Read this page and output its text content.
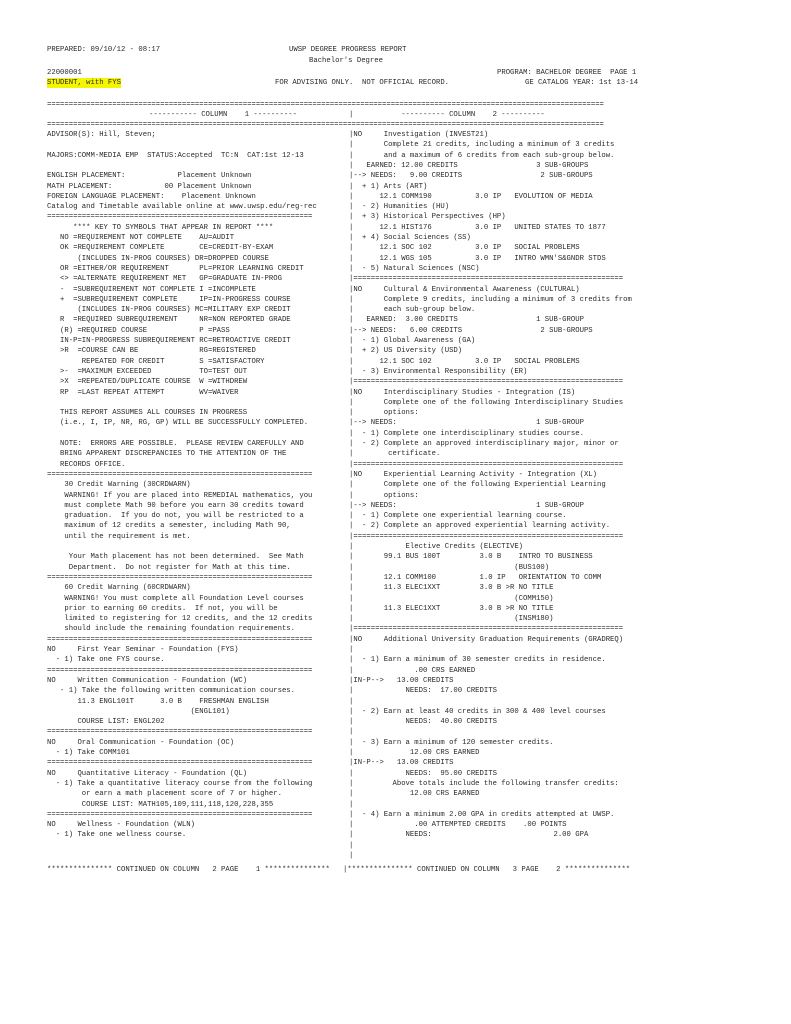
PREPARED: 09/10/12 - 08:17	UWSP DEGREE PROGRESS REPORT
Bachelor's Degree
22000001	PROGRAM: BACHELOR DEGREE  PAGE 1
STUDENT, with FYS	FOR ADVISING ONLY.  NOT OFFICIAL RECORD.	GE CATALOG YEAR: 1st 13-14
================================================================================================================================
----------- COLUMN    1 ----------	|           ---------- COLUMN    2 ----------
================================================================================================================================
ADVISOR(S): Hill, Steven;
MAJORS:COMM-MEDIA EMP  STATUS:Accepted  TC:N  CAT:1st 12-13
ENGLISH PLACEMENT:            Placement Unknown
MATH PLACEMENT:            00 Placement Unknown
FOREIGN LANGUAGE PLACEMENT:    Placement Unknown
Catalog and Timetable available online at www.uwsp.edu/reg-rec
=============================================================
**** KEY TO SYMBOLS THAT APPEAR IN REPORT ****
NO =REQUIREMENT NOT COMPLETE    AU=AUDIT
OK =REQUIREMENT COMPLETE        CE=CREDIT-BY-EXAM
(INCLUDES IN-PROG COURSES) DR=DROPPED COURSE
OR =EITHER/OR REQUIREMENT       PL=PRIOR LEARNING CREDIT
<> =ALTERNATE REQUIREMENT MET   GP=GRADUATE IN-PROG
-  =SUBREQUIREMENT NOT COMPLETE I =INCOMPLETE
+  =SUBREQUIREMENT COMPLETE     IP=IN-PROGRESS COURSE
(INCLUDES IN-PROG COURSES) MC=MILITARY EXP CREDIT
R  =REQUIRED SUBREQUIREMENT     NR=NON REPORTED GRADE
(R) =REQUIRED COURSE            P =PASS
IN-P=IN-PROGRESS SUBREQUIREMENT RC=RETROACTIVE CREDIT
>R  =COURSE CAN BE              RG=REGISTERED
REPEATED FOR CREDIT        S =SATISFACTORY
>-  =MAXIMUM EXCEEDED           TO=TEST OUT
>X  =REPEATED/DUPLICATE COURSE  W =WITHDREW
RP  =LAST REPEAT ATTEMPT        WV=WAIVER
THIS REPORT ASSUMES ALL COURSES IN PROGRESS
(i.e., I, IP, NR, RG, GP) WILL BE SUCCESSFULLY COMPLETED.
NOTE:  ERRORS ARE POSSIBLE.  PLEASE REVIEW CAREFULLY AND
BRING APPARENT DISCREPANCIES TO THE ATTENTION OF THE
RECORDS OFFICE.
=============================================================
30 Credit Warning (30CRDWARN)
WARNING! If you are placed into REMEDIAL mathematics, you
must complete Math 90 before you earn 30 credits toward
graduation.  If you do not, you will be restricted to a
maximum of 12 credits a semester, including Math 90,
until the requirement is met.
Your Math placement has not been determined.  See Math
Department.  Do not register for Math at this time.
=============================================================
60 Credit Warning (60CRDWARN)
WARNING! You must complete all Foundation Level courses
prior to earning 60 credits.  If not, you will be
limited to registering for 12 credits, and the 12 credits
should include the remaining foundation requirements.
=============================================================
NO     First Year Seminar - Foundation (FYS)
- 1) Take one FYS course.
=============================================================
NO     Written Communication - Foundation (WC)
- 1) Take the following written communication courses.
11.3 ENGL101T      3.0 B    FRESHMAN ENGLISH
(ENGL101)
COURSE LIST: ENGL202
=============================================================
NO     Oral Communication - Foundation (OC)
- 1) Take COMM101
=============================================================
NO     Quantitative Literacy - Foundation (QL)
- 1) Take a quantitative literacy course from the following
or earn a math placement score of 7 or higher.
COURSE LIST: MATH105,109,111,118,120,228,355
=============================================================
NO     Wellness - Foundation (WLN)
- 1) Take one wellness course.
|NO     Investigation (INVEST21)
|       Complete 21 credits, including a minimum of 3 credits
|       and a maximum of 6 credits from each sub-group below.
|   EARNED: 12.00 CREDITS                  3 SUB-GROUPS
|--> NEEDS:   9.00 CREDITS                  2 SUB-GROUPS
|  + 1) Arts (ART)
|      12.1 COMM190          3.0 IP   EVOLUTION OF MEDIA
|  - 2) Humanities (HU)
|  + 3) Historical Perspectives (HP)
|      12.1 HIST176          3.0 IP   UNITED STATES TO 1877
|  + 4) Social Sciences (SS)
|      12.1 SOC 102          3.0 IP   SOCIAL PROBLEMS
|      12.1 WGS 105          3.0 IP   INTRO WMN'S&GNDR STDS
|  - 5) Natural Sciences (NSC)
|==============================================================
|NO     Cultural & Environmental Awareness (CULTURAL)
|       Complete 9 credits, including a minimum of 3 credits from
|       each sub-group below.
|   EARNED:  3.00 CREDITS                  1 SUB-GROUP
|--> NEEDS:   6.00 CREDITS                  2 SUB-GROUPS
|  - 1) Global Awareness (GA)
|  + 2) US Diversity (USD)
|      12.1 SOC 102          3.0 IP   SOCIAL PROBLEMS
|  - 3) Environmental Responsibility (ER)
|==============================================================
|NO     Interdisciplinary Studies - Integration (IS)
|       Complete one of the following Interdisciplinary Studies
|       options:
|--> NEEDS:                                1 SUB-GROUP
|  - 1) Complete one interdisciplinary studies course.
|  - 2) Complete an approved interdisciplinary major, minor or
|        certificate.
|==============================================================
|NO     Experiential Learning Activity - Integration (XL)
|       Complete one of the following Experiential Learning
|       options:
|--> NEEDS:                                1 SUB-GROUP
|  - 1) Complete one experiential learning course.
|  - 2) Complete an approved experiential learning activity.
|==============================================================
|            Elective Credits (ELECTIVE)
|       99.1 BUS 100T         3.0 B    INTRO TO BUSINESS
|                                     (BUS100)
|       12.1 COMM100          1.0 IP   ORIENTATION TO COMM
|       11.3 ELEC1XXT         3.0 B >R NO TITLE
|                                     (COMM150)
|       11.3 ELEC1XXT         3.0 B >R NO TITLE
|                                     (INSM180)
|==============================================================
|NO     Additional University Graduation Requirements (GRADREQ)
|
|  - 1) Earn a minimum of 30 semester credits in residence.
|              .00 CRS EARNED
|IN-P-->   13.00 CREDITS
|            NEEDS:  17.00 CREDITS
|
|  - 2) Earn at least 40 credits in 300 & 400 level courses
|            NEEDS:  40.00 CREDITS
|
|  - 3) Earn a minimum of 120 semester credits.
|             12.00 CRS EARNED
|IN-P-->   13.00 CREDITS
|            NEEDS:  95.00 CREDITS
|         Above totals include the following transfer credits:
|             12.00 CRS EARNED
|
|  - 4) Earn a minimum 2.00 GPA in credits attempted at UWSP.
|              .00 ATTEMPTED CREDITS    .00 POINTS
|            NEEDS:                            2.00 GPA
|
|
*************** CONTINUED ON COLUMN   2 PAGE    1 *************** |*************** CONTINUED ON COLUMN   3 PAGE    2 ***************
